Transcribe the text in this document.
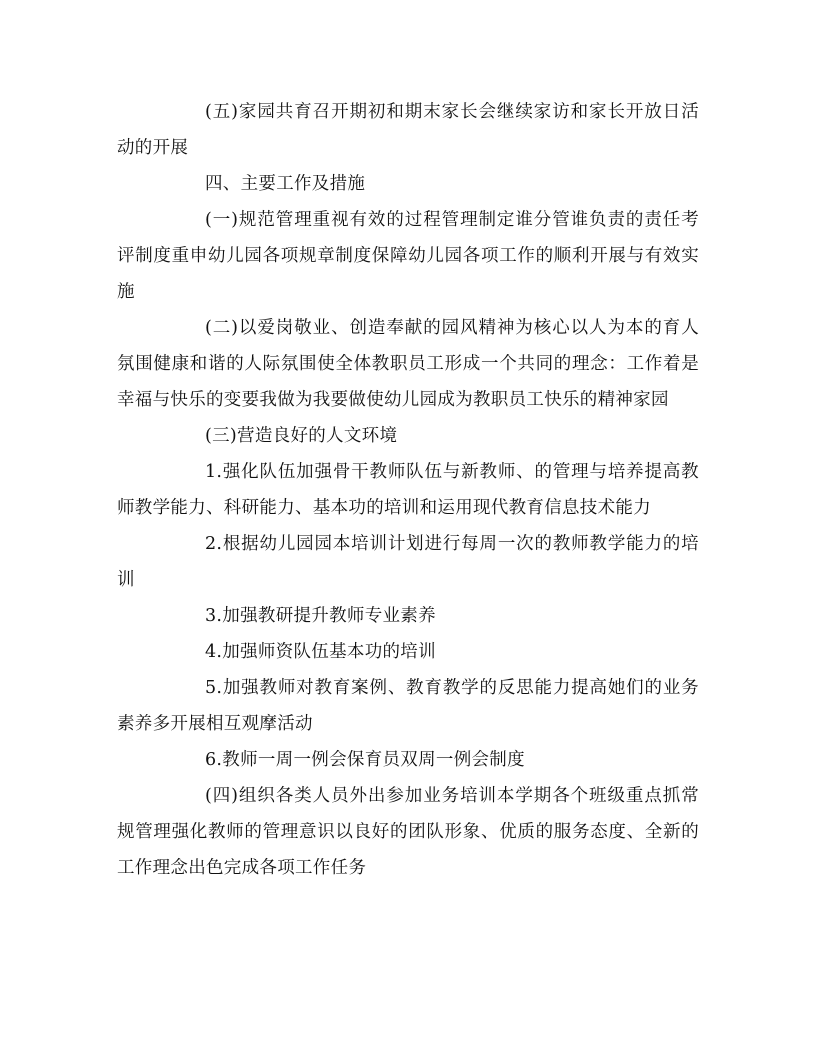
(五)家园共育召开期初和期末家长会继续家访和家长开放日活动的开展

四、主要工作及措施

(一)规范管理重视有效的过程管理制定谁分管谁负责的责任考评制度重申幼儿园各项规章制度保障幼儿园各项工作的顺利开展与有效实施

(二)以爱岗敬业、创造奉献的园风精神为核心以人为本的育人氛围健康和谐的人际氛围使全体教职员工形成一个共同的理念：工作着是幸福与快乐的变要我做为我要做使幼儿园成为教职员工快乐的精神家园

(三)营造良好的人文环境

1.强化队伍加强骨干教师队伍与新教师、的管理与培养提高教师教学能力、科研能力、基本功的培训和运用现代教育信息技术能力

2.根据幼儿园园本培训计划进行每周一次的教师教学能力的培训

3.加强教研提升教师专业素养

4.加强师资队伍基本功的培训

5.加强教师对教育案例、教育教学的反思能力提高她们的业务素养多开展相互观摩活动

6.教师一周一例会保育员双周一例会制度

(四)组织各类人员外出参加业务培训本学期各个班级重点抓常规管理强化教师的管理意识以良好的团队形象、优质的服务态度、全新的工作理念出色完成各项工作任务
